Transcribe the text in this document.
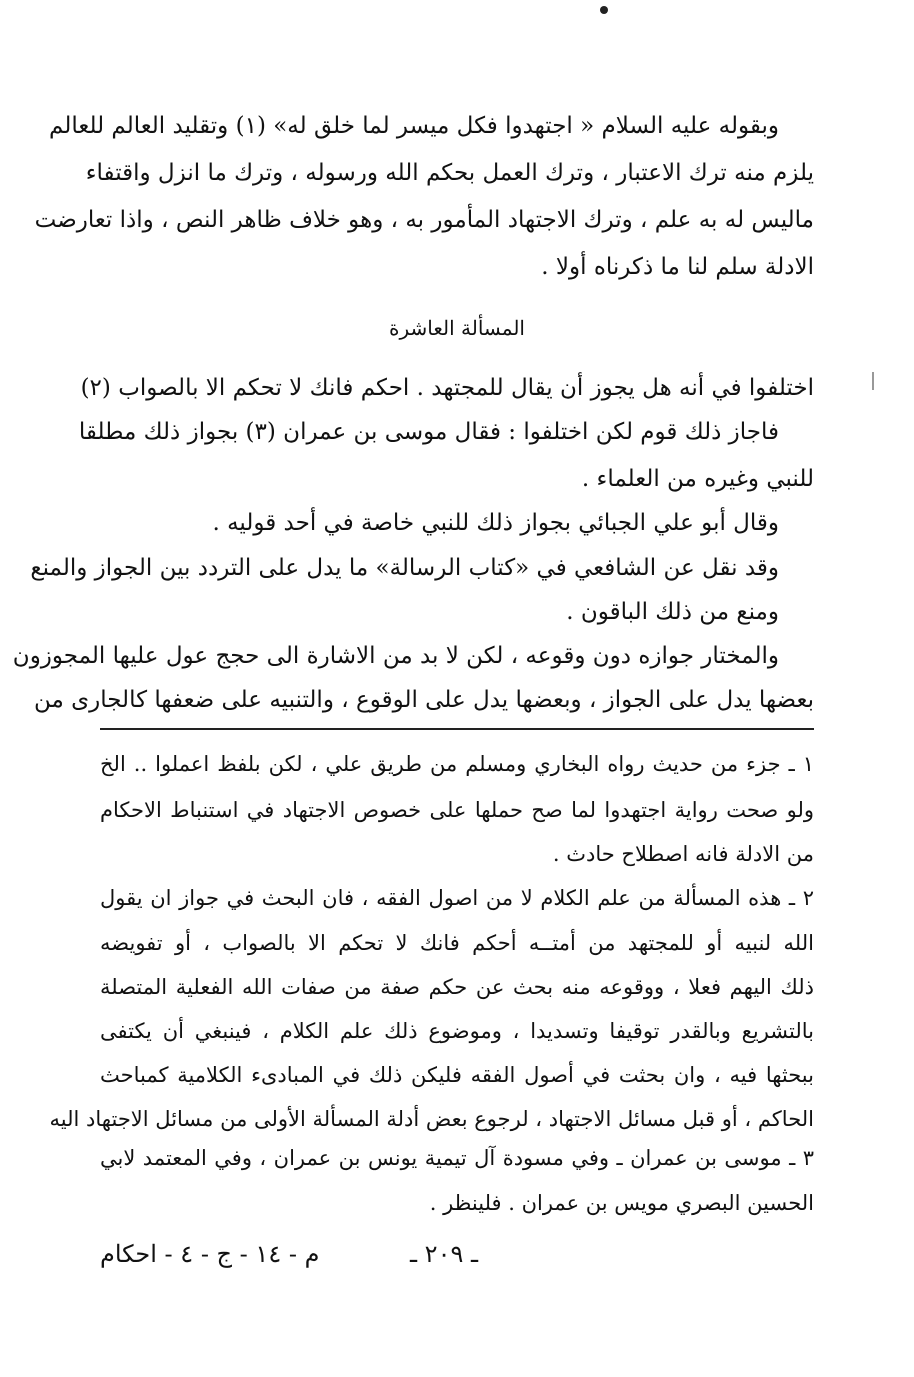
وبقوله عليه السلام « اجتهدوا فكل ميسر لما خلق له» (١) وتقليد العالم للعالم
يلزم منه ترك الاعتبار ، وترك العمل بحكم الله ورسوله ، وترك ما انزل واقتفاء
ماليس له به علم ، وترك الاجتهاد المأمور به ، وهو خلاف ظاهر النص ، واذا تعارضت
الادلة سلم لنا ما ذكرناه أولا .
المسألة العاشرة
اختلفوا في أنه هل يجوز أن يقال للمجتهد . احكم فانك لا تحكم الا بالصواب (٢)
فاجاز ذلك قوم لكن اختلفوا : فقال موسى بن عمران (٣) بجواز ذلك مطلقا
للنبي وغيره من العلماء .
وقال أبو علي الجبائي بجواز ذلك للنبي خاصة في أحد قوليه .
وقد نقل عن الشافعي في «كتاب الرسالة» ما يدل على التردد بين الجواز والمنع
ومنع من ذلك الباقون .
والمختار جوازه دون وقوعه ، لكن لا بد من الاشارة الى حجج عول عليها المجوزون
بعضها يدل على الجواز ، وبعضها يدل على الوقوع ، والتنبيه على ضعفها كالجارى من
١ ـ جزء من حديث رواه البخاري ومسلم من طريق علي ، لكن بلفظ اعملوا .. الخ
ولو صحت رواية اجتهدوا لما صح حملها على خصوص الاجتهاد في استنباط الاحكام
من الادلة فانه اصطلاح حادث .
٢ ـ هذه المسألة من علم الكلام لا من اصول الفقه ، فان البحث في جواز ان يقول
الله لنبيه أو للمجتهد من أمتــه أحكم فانك لا تحكم الا بالصواب ، أو تفويضه
ذلك اليهم فعلا ، ووقوعه منه بحث عن حكم صفة من صفات الله الفعلية المتصلة
بالتشريع وبالقدر توقيفا وتسديدا ، وموضوع ذلك علم الكلام ، فينبغي أن يكتفى
ببحثها فيه ، وان بحثت في أصول الفقه فليكن ذلك في المبادىء الكلامية كمباحث
الحاكم ، أو قبل مسائل الاجتهاد ، لرجوع بعض أدلة المسألة الأولى من مسائل الاجتهاد اليه
٣ ـ موسى بن عمران ـ وفي مسودة آل تيمية يونس بن عمران ، وفي المعتمد لابي
الحسين البصري مويس بن عمران . فلينظر .
ـ ٢٠٩ ـ
م - ١٤ - ج - ٤ - احكام
